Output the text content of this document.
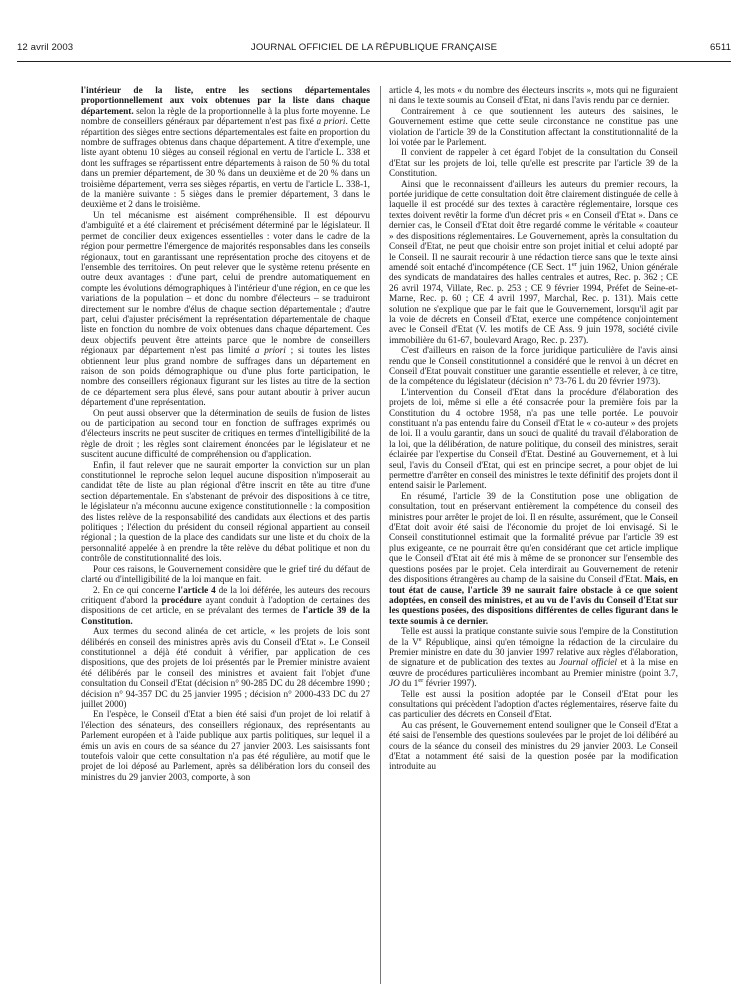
12 avril 2003	JOURNAL OFFICIEL DE LA RÉPUBLIQUE FRANÇAISE	6511

l'intérieur de la liste, entre les sections départementales proportionnellement aux voix obtenues par la liste dans chaque département. selon la règle de la proportionnelle à la plus forte moyenne. Le nombre de conseillers généraux par département n'est pas fixé a priori. Cette répartition des sièges entre sections départementales est faite en proportion du nombre de suffrages obtenus dans chaque département. A titre d'exemple, une liste ayant obtenu 10 sièges au conseil régional en vertu de l'article L. 338 et dont les suffrages se répartissent entre départements à raison de 50 % du total dans un premier département, de 30 % dans un deuxième et de 20 % dans un troisième département, verra ses sièges répartis, en vertu de l'article L. 338-1, de la manière suivante : 5 sièges dans le premier département, 3 dans le deuxième et 2 dans le troisième.

Un tel mécanisme est aisément compréhensible. Il est dépourvu d'ambiguïté et a été clairement et précisément déterminé par le législateur. Il permet de concilier deux exigences essentielles : voter dans le cadre de la région pour permettre l'émergence de majorités responsables dans les conseils régionaux, tout en garantissant une représentation proche des citoyens et de l'ensemble des territoires. On peut relever que le système retenu présente en outre deux avantages : d'une part, celui de prendre automatiquement en compte les évolutions démographiques à l'intérieur d'une région, en ce que les variations de la population – et donc du nombre d'électeurs – se traduiront directement sur le nombre d'élus de chaque section départementale ; d'autre part, celui d'ajuster précisément la représentation départementale de chaque liste en fonction du nombre de voix obtenues dans chaque département. Ces deux objectifs peuvent être atteints parce que le nombre de conseillers régionaux par département n'est pas limité a priori ; si toutes les listes obtiennent leur plus grand nombre de suffrages dans un département en raison de son poids démographique ou d'une plus forte participation, le nombre des conseillers régionaux figurant sur les listes au titre de la section de ce département sera plus élevé, sans pour autant aboutir à priver aucun département d'une représentation.

On peut aussi observer que la détermination de seuils de fusion de listes ou de participation au second tour en fonction de suffrages exprimés ou d'électeurs inscrits ne peut susciter de critiques en termes d'intelligibilité de la règle de droit ; les règles sont clairement énoncées par le législateur et ne suscitent aucune difficulté de compréhension ou d'application.

Enfin, il faut relever que ne saurait emporter la conviction sur un plan constitutionnel le reproche selon lequel aucune disposition n'imposerait au candidat tête de liste au plan régional d'être inscrit en tête au titre d'une section départementale. En s'abstenant de prévoir des dispositions à ce titre, le législateur n'a méconnu aucune exigence constitutionnelle : la composition des listes relève de la responsabilité des candidats aux élections et des partis politiques ; l'élection du président du conseil régional appartient au conseil régional ; la question de la place des candidats sur une liste et du choix de la personnalité appelée à en prendre la tête relève du débat politique et non du contrôle de constitutionnalité des lois.

Pour ces raisons, le Gouvernement considère que le grief tiré du défaut de clarté ou d'intelligibilité de la loi manque en fait.

2. En ce qui concerne l'article 4 de la loi déférée, les auteurs des recours critiquent d'abord la procédure ayant conduit à l'adoption de certaines des dispositions de cet article, en se prévalant des termes de l'article 39 de la Constitution.

Aux termes du second alinéa de cet article, « les projets de lois sont délibérés en conseil des ministres après avis du Conseil d'Etat ». Le Conseil constitutionnel a déjà été conduit à vérifier, par application de ces dispositions, que des projets de loi présentés par le Premier ministre avaient été délibérés par le conseil des ministres et avaient fait l'objet d'une consultation du Conseil d'Etat (décision n° 90-285 DC du 28 décembre 1990 ; décision n° 94-357 DC du 25 janvier 1995 ; décision n° 2000-433 DC du 27 juillet 2000)

En l'espèce, le Conseil d'Etat a bien été saisi d'un projet de loi relatif à l'élection des sénateurs, des conseillers régionaux, des représentants au Parlement européen et à l'aide publique aux partis politiques, sur lequel il a émis un avis en cours de sa séance du 27 janvier 2003. Les saisissants font toutefois valoir que cette consultation n'a pas été régulière, au motif que le projet de loi déposé au Parlement, après sa délibération lors du conseil des ministres du 29 janvier 2003, comporte, à son

article 4, les mots « du nombre des électeurs inscrits », mots qui ne figuraient ni dans le texte soumis au Conseil d'Etat, ni dans l'avis rendu par ce dernier.

Contrairement à ce que soutiennent les auteurs des saisines, le Gouvernement estime que cette seule circonstance ne constitue pas une violation de l'article 39 de la Constitution affectant la constitutionnalité de la loi votée par le Parlement.

Il convient de rappeler à cet égard l'objet de la consultation du Conseil d'Etat sur les projets de loi, telle qu'elle est prescrite par l'article 39 de la Constitution.

Ainsi que le reconnaissent d'ailleurs les auteurs du premier recours, la portée juridique de cette consultation doit être clairement distinguée de celle à laquelle il est procédé sur des textes à caractère réglementaire, lorsque ces textes doivent revêtir la forme d'un décret pris « en Conseil d'Etat ». Dans ce dernier cas, le Conseil d'Etat doit être regardé comme le véritable « coauteur » des dispositions réglementaires. Le Gouvernement, après la consultation du Conseil d'Etat, ne peut que choisir entre son projet initial et celui adopté par le Conseil. Il ne saurait recourir à une rédaction tierce sans que le texte ainsi amendé soit entaché d'incompétence (CE Sect. 1er juin 1962, Union générale des syndicats de mandataires des halles centrales et autres, Rec. p. 362 ; CE 26 avril 1974, Villate, Rec. p. 253 ; CE 9 février 1994, Préfet de Seine-et-Marne, Rec. p. 60 ; CE 4 avril 1997, Marchal, Rec. p. 131). Mais cette solution ne s'explique que par le fait que le Gouvernement, lorsqu'il agit par la voie de décrets en Conseil d'Etat, exerce une compétence conjointement avec le Conseil d'Etat (V. les motifs de CE Ass. 9 juin 1978, société civile immobilière du 61-67, boulevard Arago, Rec. p. 237).

C'est d'ailleurs en raison de la force juridique particulière de l'avis ainsi rendu que le Conseil constitutionnel a considéré que le renvoi à un décret en Conseil d'Etat pouvait constituer une garantie essentielle et relever, à ce titre, de la compétence du législateur (décision n° 73-76 L du 20 février 1973).

L'intervention du Conseil d'Etat dans la procédure d'élaboration des projets de loi, même si elle a été consacrée pour la première fois par la Constitution du 4 octobre 1958, n'a pas une telle portée. Le pouvoir constituant n'a pas entendu faire du Conseil d'Etat le « co-auteur » des projets de loi. Il a voulu garantir, dans un souci de qualité du travail d'élaboration de la loi, que la délibération, de nature politique, du conseil des ministres, serait éclairée par l'expertise du Conseil d'Etat. Destiné au Gouvernement, et à lui seul, l'avis du Conseil d'Etat, qui est en principe secret, a pour objet de lui permettre d'arrêter en conseil des ministres le texte définitif des projets dont il entend saisir le Parlement.

En résumé, l'article 39 de la Constitution pose une obligation de consultation, tout en préservant entièrement la compétence du conseil des ministres pour arrêter le projet de loi. Il en résulte, assurément, que le Conseil d'Etat doit avoir été saisi de l'économie du projet de loi envisagé. Si le Conseil constitutionnel estimait que la formalité prévue par l'article 39 est plus exigeante, ce ne pourrait être qu'en considérant que cet article implique que le Conseil d'Etat ait été mis à même de se prononcer sur l'ensemble des questions posées par le projet. Cela interdirait au Gouvernement de retenir des dispositions étrangères au champ de la saisine du Conseil d'Etat. Mais, en tout état de cause, l'article 39 ne saurait faire obstacle à ce que soient adoptées, en conseil des ministres, et au vu de l'avis du Conseil d'Etat sur les questions posées, des dispositions différentes de celles figurant dans le texte soumis à ce dernier.

Telle est aussi la pratique constante suivie sous l'empire de la Constitution de la Ve République, ainsi qu'en témoigne la rédaction de la circulaire du Premier ministre en date du 30 janvier 1997 relative aux règles d'élaboration, de signature et de publication des textes au Journal officiel et à la mise en œuvre de procédures particulières incombant au Premier ministre (point 3.7, JO du 1er février 1997).

Telle est aussi la position adoptée par le Conseil d'Etat pour les consultations qui précèdent l'adoption d'actes réglementaires, réserve faite du cas particulier des décrets en Conseil d'Etat.

Au cas présent, le Gouvernement entend souligner que le Conseil d'Etat a été saisi de l'ensemble des questions soulevées par le projet de loi délibéré au cours de la séance du conseil des ministres du 29 janvier 2003. Le Conseil d'Etat a notamment été saisi de la question posée par la modification introduite au
